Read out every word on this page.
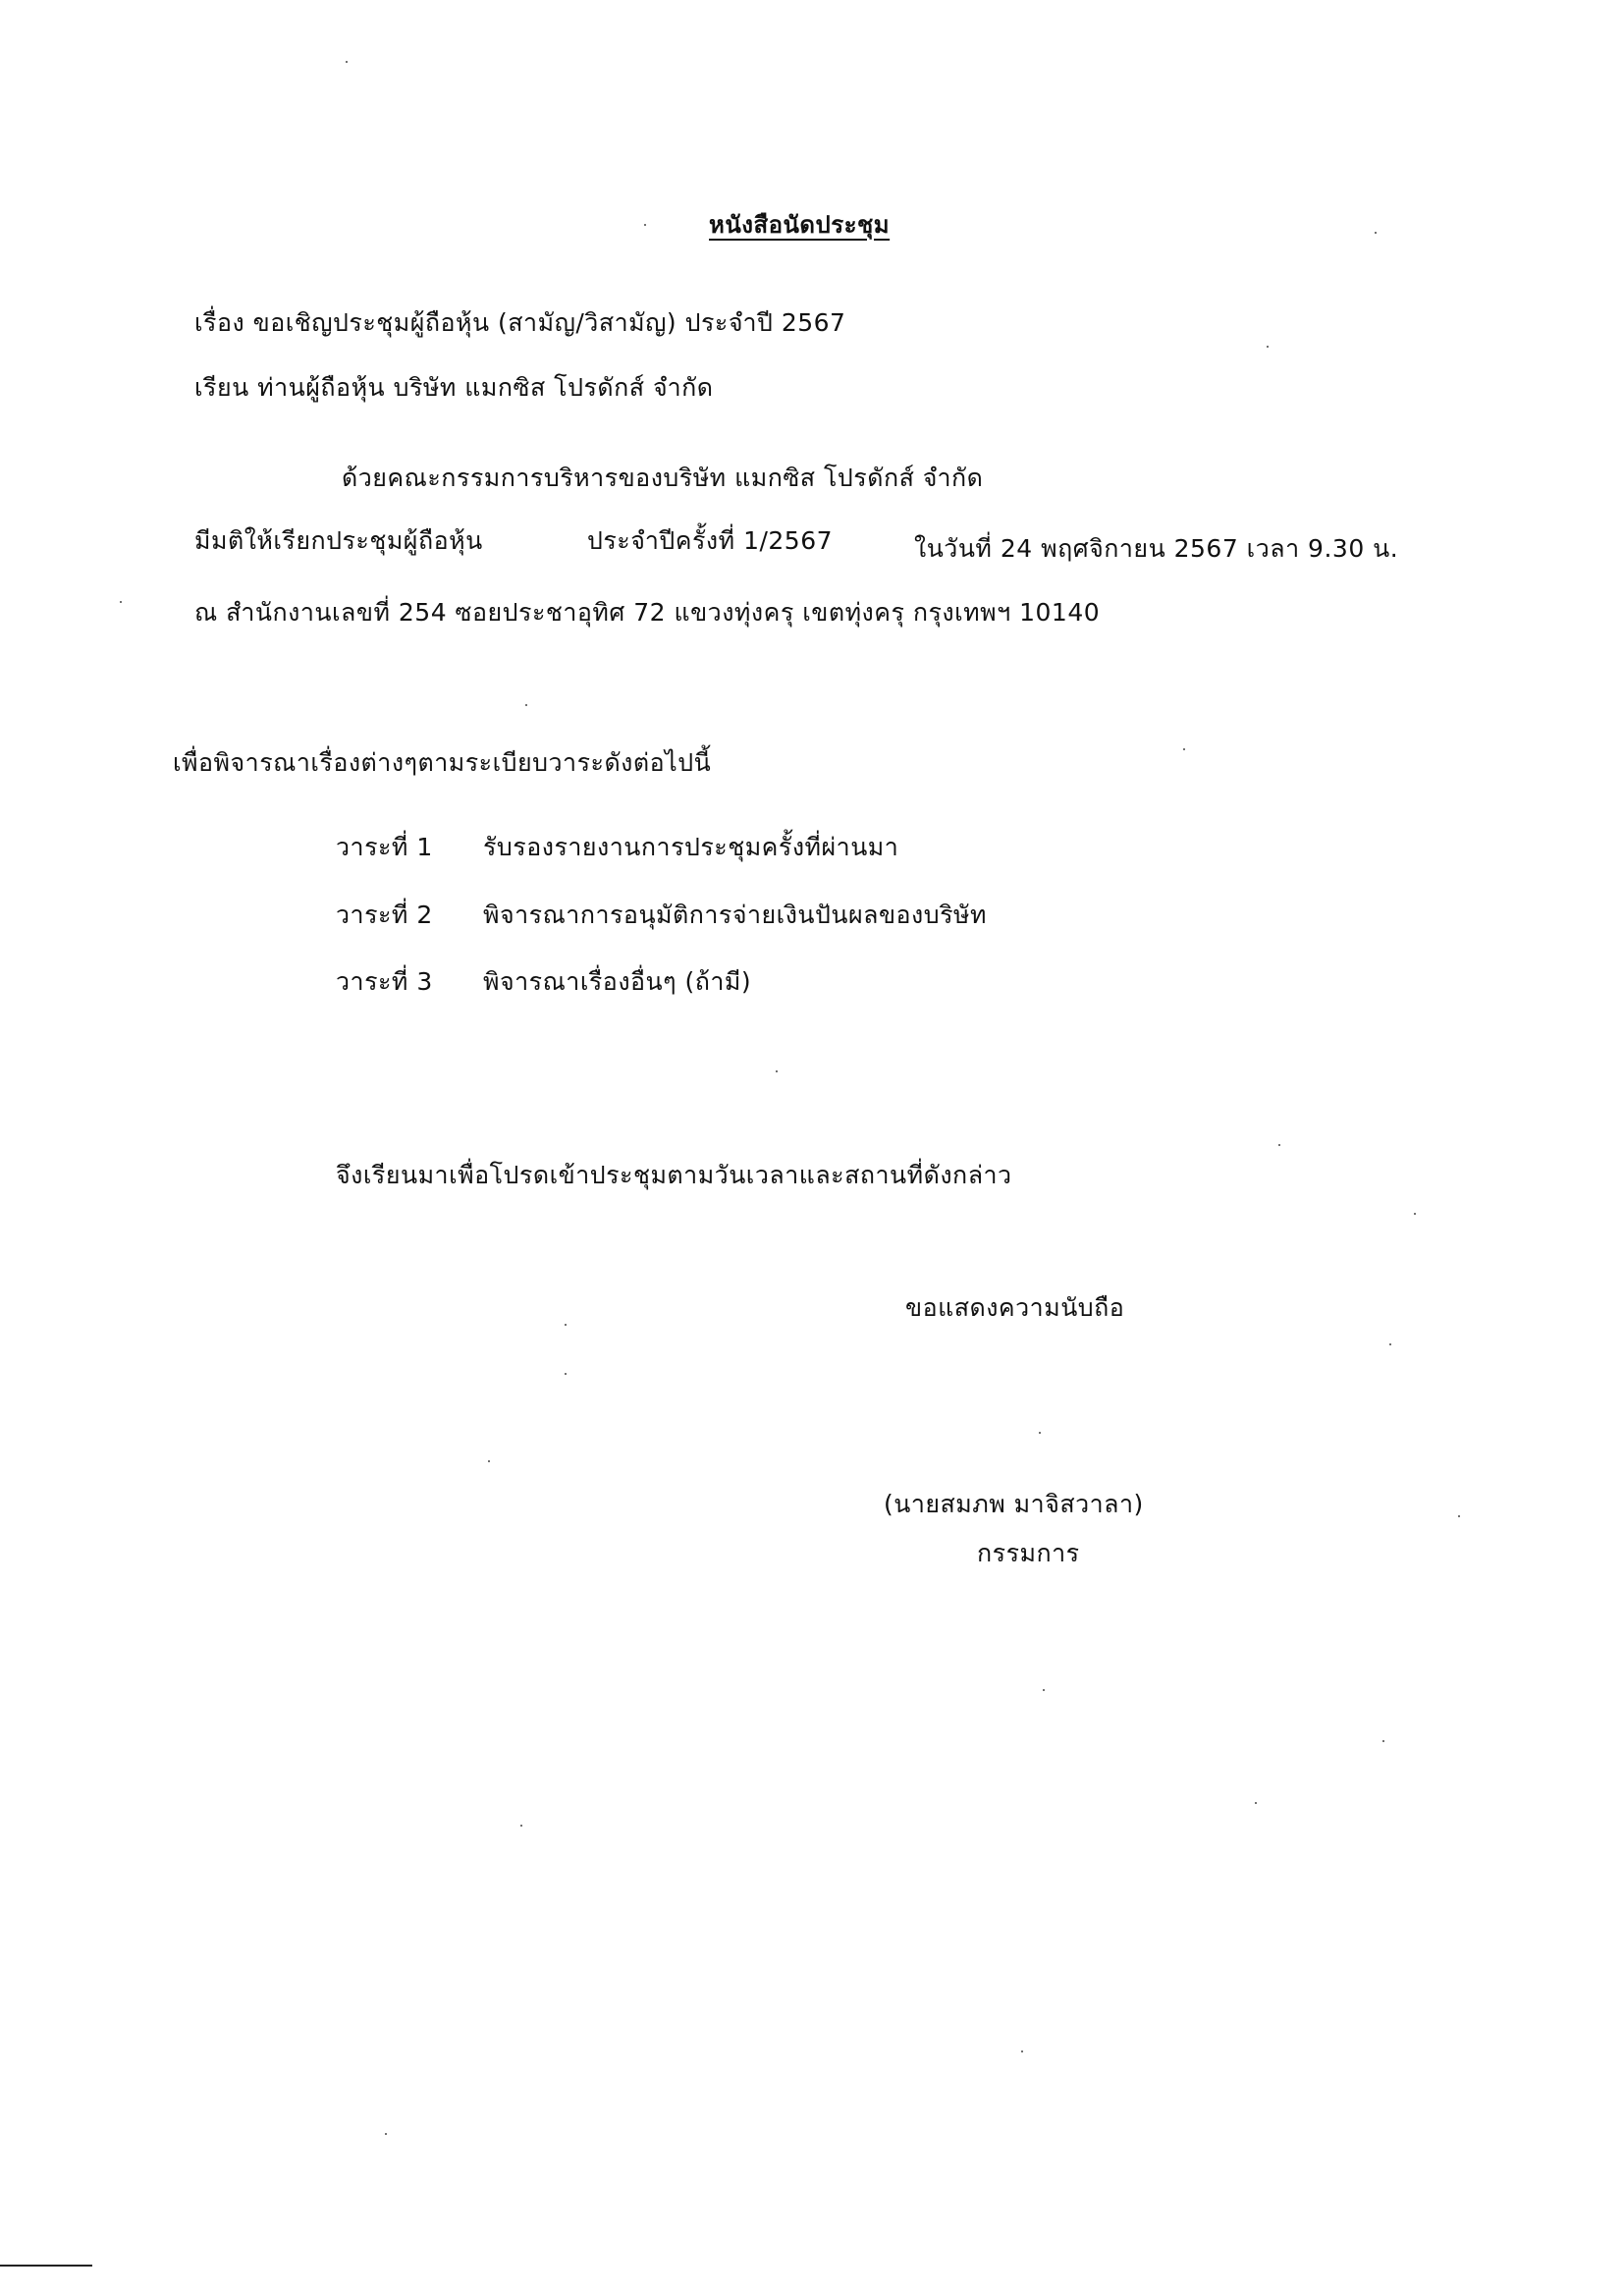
หนังสือนัดประชุม
เรื่อง ขอเชิญประชุมผู้ถือหุ้น (สามัญ/วิสามัญ) ประจำปี 2567
เรียน ท่านผู้ถือหุ้น บริษัท แมกซิส โปรดักส์ จำกัด
ด้วยคณะกรรมการบริหารของบริษัท แมกซิส โปรดักส์ จำกัด
มีมติให้เรียกประชุมผู้ถือหุ้น	ประจำปีครั้งที่ 1/2567	ในวันที่ 24 พฤศจิกายน 2567 เวลา 9.30 น.
ณ สำนักงานเลขที่ 254 ซอยประชาอุทิศ 72 แขวงทุ่งครุ เขตทุ่งครุ กรุงเทพฯ 10140
เพื่อพิจารณาเรื่องต่างๆตามระเบียบวาระดังต่อไปนี้
วาระที่ 1 รับรองรายงานการประชุมครั้งที่ผ่านมา
วาระที่ 2 พิจารณาการอนุมัติการจ่ายเงินปันผลของบริษัท
วาระที่ 3 พิจารณาเรื่องอื่นๆ (ถ้ามี)
จึงเรียนมาเพื่อโปรดเข้าประชุมตามวันเวลาและสถานที่ดังกล่าว
ขอแสดงความนับถือ
(นายสมภพ มาจิสวาลา)
กรรมการ
